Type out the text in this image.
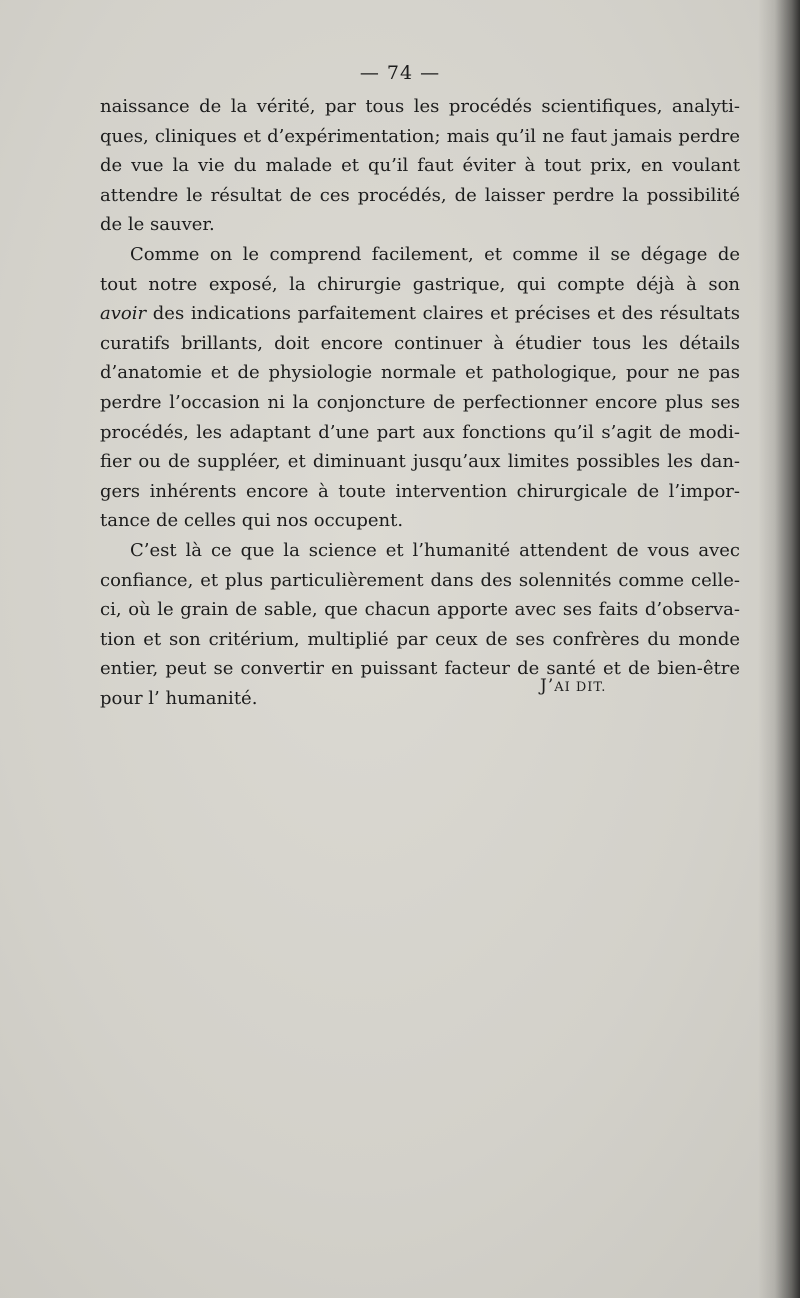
— 74 —

naissance de la vérité, par tous les procédés scientifiques, analyti-
ques, cliniques et d’expérimentation; mais qu’il ne faut jamais perdre
de vue la vie du malade et qu’il faut éviter à tout prix, en voulant
attendre le résultat de ces procédés, de laisser perdre la possibilité
de le sauver.

Comme on le comprend facilement, et comme il se dégage de
tout notre exposé, la chirurgie gastrique, qui compte déjà à son
avoir des indications parfaitement claires et précises et des résultats
curatifs brillants, doit encore continuer à étudier tous les détails
d’anatomie et de physiologie normale et pathologique, pour ne pas
perdre l’occasion ni la conjoncture de perfectionner encore plus ses
procédés, les adaptant d’une part aux fonctions qu’il s’agit de modi-
fier ou de suppléer, et diminuant jusqu’aux limites possibles les dan-
gers inhérents encore à toute intervention chirurgicale de l’impor-
tance de celles qui nos occupent.

C’est là ce que la science et l’humanité attendent de vous avec
confiance, et plus particulièrement dans des solennités comme celle-
ci, où le grain de sable, que chacun apporte avec ses faits d’observa-
tion et son critérium, multiplié par ceux de ses confrères du monde
entier, peut se convertir en puissant facteur de santé et de bien-être
pour l’ humanité.

J’AI DIT.
